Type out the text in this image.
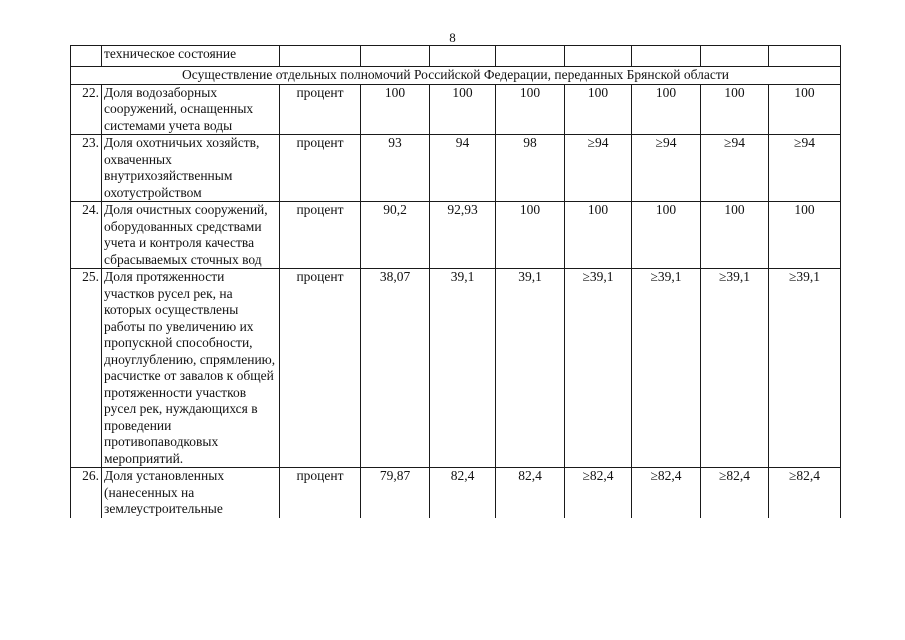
8
	техническое состояние								
Осуществление отдельных полномочий Российской Федерации, переданных Брянской области									
22.	Доля водозаборных сооружений, оснащенных системами учета воды	процент	100	100	100	100	100	100	100
23.	Доля охотничьих хозяйств, охваченных внутрихозяйственным охотустройством	процент	93	94	98	≥94	≥94	≥94	≥94
24.	Доля очистных сооружений, оборудованных средствами учета и контроля качества сбрасываемых сточных вод	процент	90,2	92,93	100	100	100	100	100
25.	Доля протяженности участков русел рек, на которых осуществлены работы по увеличению их пропускной способности, дноуглублению, спрямлению, расчистке от завалов к общей протяженности участков русел рек, нуждающихся в проведении противопаводковых мероприятий.	процент	38,07	39,1	39,1	≥39,1	≥39,1	≥39,1	≥39,1
26.	Доля установленных (нанесенных на землеустроительные	процент	79,87	82,4	82,4	≥82,4	≥82,4	≥82,4	≥82,4
